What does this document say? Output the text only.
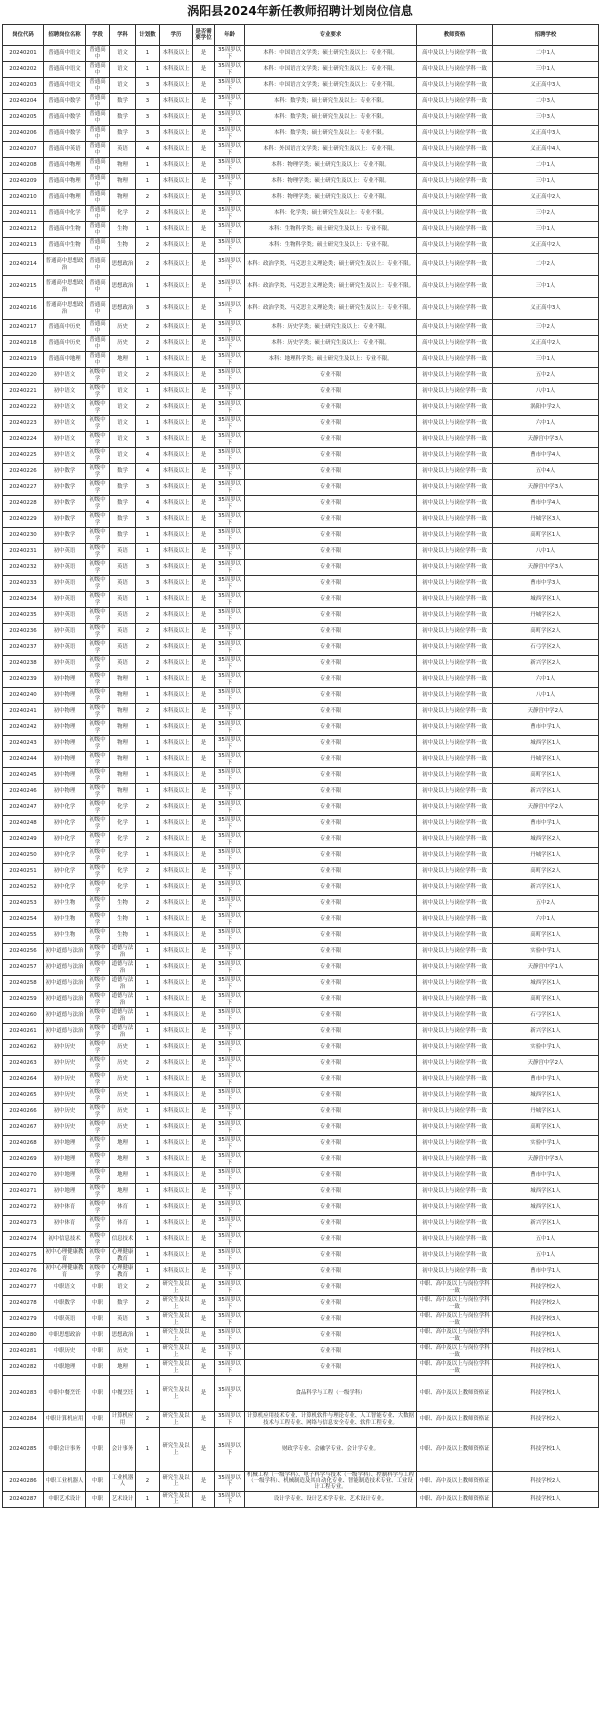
涡阳县2024年新任教师招聘计划岗位信息
岗位代码	招聘岗位名称	学段	学科	计划数	学历	是否需要学位	年龄	专业要求	教师资格	招聘学校
20240201	普通高中语文	普通高中	语文	1	本科及以上	是	35周岁以下	本科：中国语言文学类；硕士研究生及以上：专业不限。	高中及以上与岗位学科一致	二中1人
20240202	普通高中语文	普通高中	语文	1	本科及以上	是	35周岁以下	本科：中国语言文学类；硕士研究生及以上：专业不限。	高中及以上与岗位学科一致	三中1人
20240203	普通高中语文	普通高中	语文	3	本科及以上	是	35周岁以下	本科：中国语言文学类；硕士研究生及以上：专业不限。	高中及以上与岗位学科一致	义正高中3人
20240204	普通高中数学	普通高中	数学	3	本科及以上	是	35周岁以下	本科：数学类；硕士研究生及以上：专业不限。	高中及以上与岗位学科一致	二中3人
20240205	普通高中数学	普通高中	数学	3	本科及以上	是	35周岁以下	本科：数学类；硕士研究生及以上：专业不限。	高中及以上与岗位学科一致	三中3人
20240206	普通高中数学	普通高中	数学	3	本科及以上	是	35周岁以下	本科：数学类；硕士研究生及以上：专业不限。	高中及以上与岗位学科一致	义正高中3人
20240207	普通高中英语	普通高中	英语	4	本科及以上	是	35周岁以下	本科：外国语言文学类；硕士研究生及以上：专业不限。	高中及以上与岗位学科一致	义正高中4人
20240208	普通高中物理	普通高中	物理	1	本科及以上	是	35周岁以下	本科：物理学类；硕士研究生及以上：专业不限。	高中及以上与岗位学科一致	二中1人
20240209	普通高中物理	普通高中	物理	1	本科及以上	是	35周岁以下	本科：物理学类；硕士研究生及以上：专业不限。	高中及以上与岗位学科一致	三中1人
20240210	普通高中物理	普通高中	物理	2	本科及以上	是	35周岁以下	本科：物理学类；硕士研究生及以上：专业不限。	高中及以上与岗位学科一致	义正高中2人
20240211	普通高中化学	普通高中	化学	2	本科及以上	是	35周岁以下	本科：化学类；硕士研究生及以上：专业不限。	高中及以上与岗位学科一致	三中2人
20240212	普通高中生物	普通高中	生物	1	本科及以上	是	35周岁以下	本科：生物科学类；硕士研究生及以上：专业不限。	高中及以上与岗位学科一致	三中1人
20240213	普通高中生物	普通高中	生物	2	本科及以上	是	35周岁以下	本科：生物科学类；硕士研究生及以上：专业不限。	高中及以上与岗位学科一致	义正高中2人
20240214	普通高中思想政治	普通高中	思想政治	2	本科及以上	是	35周岁以下	本科：政治学类、马克思主义理论类；硕士研究生及以上：专业不限。	高中及以上与岗位学科一致	二中2人
20240215	普通高中思想政治	普通高中	思想政治	1	本科及以上	是	35周岁以下	本科：政治学类、马克思主义理论类；硕士研究生及以上：专业不限。	高中及以上与岗位学科一致	三中1人
20240216	普通高中思想政治	普通高中	思想政治	3	本科及以上	是	35周岁以下	本科：政治学类、马克思主义理论类；硕士研究生及以上：专业不限。	高中及以上与岗位学科一致	义正高中3人
20240217	普通高中历史	普通高中	历史	2	本科及以上	是	35周岁以下	本科：历史学类；硕士研究生及以上：专业不限。	高中及以上与岗位学科一致	三中2人
20240218	普通高中历史	普通高中	历史	2	本科及以上	是	35周岁以下	本科：历史学类；硕士研究生及以上：专业不限。	高中及以上与岗位学科一致	义正高中2人
20240219	普通高中地理	普通高中	地理	1	本科及以上	是	35周岁以下	本科：地理科学类；硕士研究生及以上：专业不限。	高中及以上与岗位学科一致	三中1人
20240220	初中语文	初级中学	语文	2	本科及以上	是	35周岁以下	专业不限	初中及以上与岗位学科一致	五中2人
20240221	初中语文	初级中学	语文	1	本科及以上	是	35周岁以下	专业不限	初中及以上与岗位学科一致	八中1人
20240222	初中语文	初级中学	语文	2	本科及以上	是	35周岁以下	专业不限	初中及以上与岗位学科一致	涡阳中学2人
20240223	初中语文	初级中学	语文	1	本科及以上	是	35周岁以下	专业不限	初中及以上与岗位学科一致	六中1人
20240224	初中语文	初级中学	语文	3	本科及以上	是	35周岁以下	专业不限	初中及以上与岗位学科一致	天静宫中学3人
20240225	初中语文	初级中学	语文	4	本科及以上	是	35周岁以下	专业不限	初中及以上与岗位学科一致	曹市中学4人
20240226	初中数学	初级中学	数学	4	本科及以上	是	35周岁以下	专业不限	初中及以上与岗位学科一致	五中4人
20240227	初中数学	初级中学	数学	3	本科及以上	是	35周岁以下	专业不限	初中及以上与岗位学科一致	天静宫中学3人
20240228	初中数学	初级中学	数学	4	本科及以上	是	35周岁以下	专业不限	初中及以上与岗位学科一致	曹市中学4人
20240229	初中数学	初级中学	数学	3	本科及以上	是	35周岁以下	专业不限	初中及以上与岗位学科一致	丹城学区3人
20240230	初中数学	初级中学	数学	1	本科及以上	是	35周岁以下	专业不限	初中及以上与岗位学科一致	高町学区1人
20240231	初中英语	初级中学	英语	1	本科及以上	是	35周岁以下	专业不限	初中及以上与岗位学科一致	八中1人
20240232	初中英语	初级中学	英语	3	本科及以上	是	35周岁以下	专业不限	初中及以上与岗位学科一致	天静宫中学3人
20240233	初中英语	初级中学	英语	3	本科及以上	是	35周岁以下	专业不限	初中及以上与岗位学科一致	曹市中学3人
20240234	初中英语	初级中学	英语	1	本科及以上	是	35周岁以下	专业不限	初中及以上与岗位学科一致	城西学区1人
20240235	初中英语	初级中学	英语	2	本科及以上	是	35周岁以下	专业不限	初中及以上与岗位学科一致	丹城学区2人
20240236	初中英语	初级中学	英语	2	本科及以上	是	35周岁以下	专业不限	初中及以上与岗位学科一致	高町学区2人
20240237	初中英语	初级中学	英语	2	本科及以上	是	35周岁以下	专业不限	初中及以上与岗位学科一致	石弓学区2人
20240238	初中英语	初级中学	英语	2	本科及以上	是	35周岁以下	专业不限	初中及以上与岗位学科一致	新兴学区2人
20240239	初中物理	初级中学	物理	1	本科及以上	是	35周岁以下	专业不限	初中及以上与岗位学科一致	六中1人
20240240	初中物理	初级中学	物理	1	本科及以上	是	35周岁以下	专业不限	初中及以上与岗位学科一致	八中1人
20240241	初中物理	初级中学	物理	2	本科及以上	是	35周岁以下	专业不限	初中及以上与岗位学科一致	天静宫中学2人
20240242	初中物理	初级中学	物理	1	本科及以上	是	35周岁以下	专业不限	初中及以上与岗位学科一致	曹市中学1人
20240243	初中物理	初级中学	物理	1	本科及以上	是	35周岁以下	专业不限	初中及以上与岗位学科一致	城西学区1人
20240244	初中物理	初级中学	物理	1	本科及以上	是	35周岁以下	专业不限	初中及以上与岗位学科一致	丹城学区1人
20240245	初中物理	初级中学	物理	1	本科及以上	是	35周岁以下	专业不限	初中及以上与岗位学科一致	高町学区1人
20240246	初中物理	初级中学	物理	1	本科及以上	是	35周岁以下	专业不限	初中及以上与岗位学科一致	新兴学区1人
20240247	初中化学	初级中学	化学	2	本科及以上	是	35周岁以下	专业不限	初中及以上与岗位学科一致	天静宫中学2人
20240248	初中化学	初级中学	化学	1	本科及以上	是	35周岁以下	专业不限	初中及以上与岗位学科一致	曹市中学1人
20240249	初中化学	初级中学	化学	2	本科及以上	是	35周岁以下	专业不限	初中及以上与岗位学科一致	城西学区2人
20240250	初中化学	初级中学	化学	1	本科及以上	是	35周岁以下	专业不限	初中及以上与岗位学科一致	丹城学区1人
20240251	初中化学	初级中学	化学	2	本科及以上	是	35周岁以下	专业不限	初中及以上与岗位学科一致	高町学区2人
20240252	初中化学	初级中学	化学	1	本科及以上	是	35周岁以下	专业不限	初中及以上与岗位学科一致	新兴学区1人
20240253	初中生物	初级中学	生物	2	本科及以上	是	35周岁以下	专业不限	初中及以上与岗位学科一致	五中2人
20240254	初中生物	初级中学	生物	1	本科及以上	是	35周岁以下	专业不限	初中及以上与岗位学科一致	六中1人
20240255	初中生物	初级中学	生物	1	本科及以上	是	35周岁以下	专业不限	初中及以上与岗位学科一致	高町学区1人
20240256	初中道德与法治	初级中学	道德与法治	1	本科及以上	是	35周岁以下	专业不限	初中及以上与岗位学科一致	实验中学1人
20240257	初中道德与法治	初级中学	道德与法治	1	本科及以上	是	35周岁以下	专业不限	初中及以上与岗位学科一致	天静宫中学1人
20240258	初中道德与法治	初级中学	道德与法治	1	本科及以上	是	35周岁以下	专业不限	初中及以上与岗位学科一致	城西学区1人
20240259	初中道德与法治	初级中学	道德与法治	1	本科及以上	是	35周岁以下	专业不限	初中及以上与岗位学科一致	高町学区1人
20240260	初中道德与法治	初级中学	道德与法治	1	本科及以上	是	35周岁以下	专业不限	初中及以上与岗位学科一致	石弓学区1人
20240261	初中道德与法治	初级中学	道德与法治	1	本科及以上	是	35周岁以下	专业不限	初中及以上与岗位学科一致	新兴学区1人
20240262	初中历史	初级中学	历史	1	本科及以上	是	35周岁以下	专业不限	初中及以上与岗位学科一致	实验中学1人
20240263	初中历史	初级中学	历史	2	本科及以上	是	35周岁以下	专业不限	初中及以上与岗位学科一致	天静宫中学2人
20240264	初中历史	初级中学	历史	1	本科及以上	是	35周岁以下	专业不限	初中及以上与岗位学科一致	曹市中学1人
20240265	初中历史	初级中学	历史	1	本科及以上	是	35周岁以下	专业不限	初中及以上与岗位学科一致	城西学区1人
20240266	初中历史	初级中学	历史	1	本科及以上	是	35周岁以下	专业不限	初中及以上与岗位学科一致	丹城学区1人
20240267	初中历史	初级中学	历史	1	本科及以上	是	35周岁以下	专业不限	初中及以上与岗位学科一致	高町学区1人
20240268	初中地理	初级中学	地理	1	本科及以上	是	35周岁以下	专业不限	初中及以上与岗位学科一致	实验中学1人
20240269	初中地理	初级中学	地理	3	本科及以上	是	35周岁以下	专业不限	初中及以上与岗位学科一致	天静宫中学3人
20240270	初中地理	初级中学	地理	1	本科及以上	是	35周岁以下	专业不限	初中及以上与岗位学科一致	曹市中学1人
20240271	初中地理	初级中学	地理	1	本科及以上	是	35周岁以下	专业不限	初中及以上与岗位学科一致	城西学区1人
20240272	初中体育	初级中学	体育	1	本科及以上	是	35周岁以下	专业不限	初中及以上与岗位学科一致	城西学区1人
20240273	初中体育	初级中学	体育	1	本科及以上	是	35周岁以下	专业不限	初中及以上与岗位学科一致	新兴学区1人
20240274	初中信息技术	初级中学	信息技术	1	本科及以上	是	35周岁以下	专业不限	初中及以上与岗位学科一致	五中1人
20240275	初中心理健康教育	初级中学	心理健康教育	1	本科及以上	是	35周岁以下	专业不限	初中及以上与岗位学科一致	五中1人
20240276	初中心理健康教育	初级中学	心理健康教育	1	本科及以上	是	35周岁以下	专业不限	初中及以上与岗位学科一致	曹市中学1人
20240277	中职语文	中职	语文	2	研究生及以上	是	35周岁以下	专业不限	中职、高中及以上与岗位学科一致	科技学校2人
20240278	中职数学	中职	数学	2	研究生及以上	是	35周岁以下	专业不限	中职、高中及以上与岗位学科一致	科技学校2人
20240279	中职英语	中职	英语	3	研究生及以上	是	35周岁以下	专业不限	中职、高中及以上与岗位学科一致	科技学校3人
20240280	中职思想政治	中职	思想政治	1	研究生及以上	是	35周岁以下	专业不限	中职、高中及以上与岗位学科一致	科技学校1人
20240281	中职历史	中职	历史	1	研究生及以上	是	35周岁以下	专业不限	中职、高中及以上与岗位学科一致	科技学校1人
20240282	中职地理	中职	地理	1	研究生及以上	是	35周岁以下	专业不限	中职、高中及以上与岗位学科一致	科技学校1人
20240283	中职中餐烹饪	中职	中餐烹饪	1	研究生及以上	是	35周岁以下	食品科学与工程（一级学科）	中职、高中及以上教师资格证	科技学校1人
20240284	中职计算机应用	中职	计算机应用	2	研究生及以上	是	35周岁以下	计算机应用技术专业、计算机软件与理论专业、人工智能专业、大数据技术与工程专业、网络与信息安全专业、软件工程专业。	中职、高中及以上教师资格证	科技学校2人
20240285	中职会计事务	中职	会计事务	1	研究生及以上	是	35周岁以下	财政学专业、会融学专业、会计学专业。	中职、高中及以上教师资格证	科技学校1人
20240286	中职工业机器人	中职	工业机器人	2	研究生及以上	是	35周岁以下	机械工程（一级学科）、电子科学与技术（一级学科）、控制科学与工程（一级学科）、机械制造及其自动化专业、智能制造技术专业、工业设计工程专业。	中职、高中及以上教师资格证	科技学校2人
20240287	中职艺术设计	中职	艺术设计	1	研究生及以上	是	35周岁以下	设计学专业、设计艺术学专业、艺术设计专业。	中职、高中及以上教师资格证	科技学校1人
